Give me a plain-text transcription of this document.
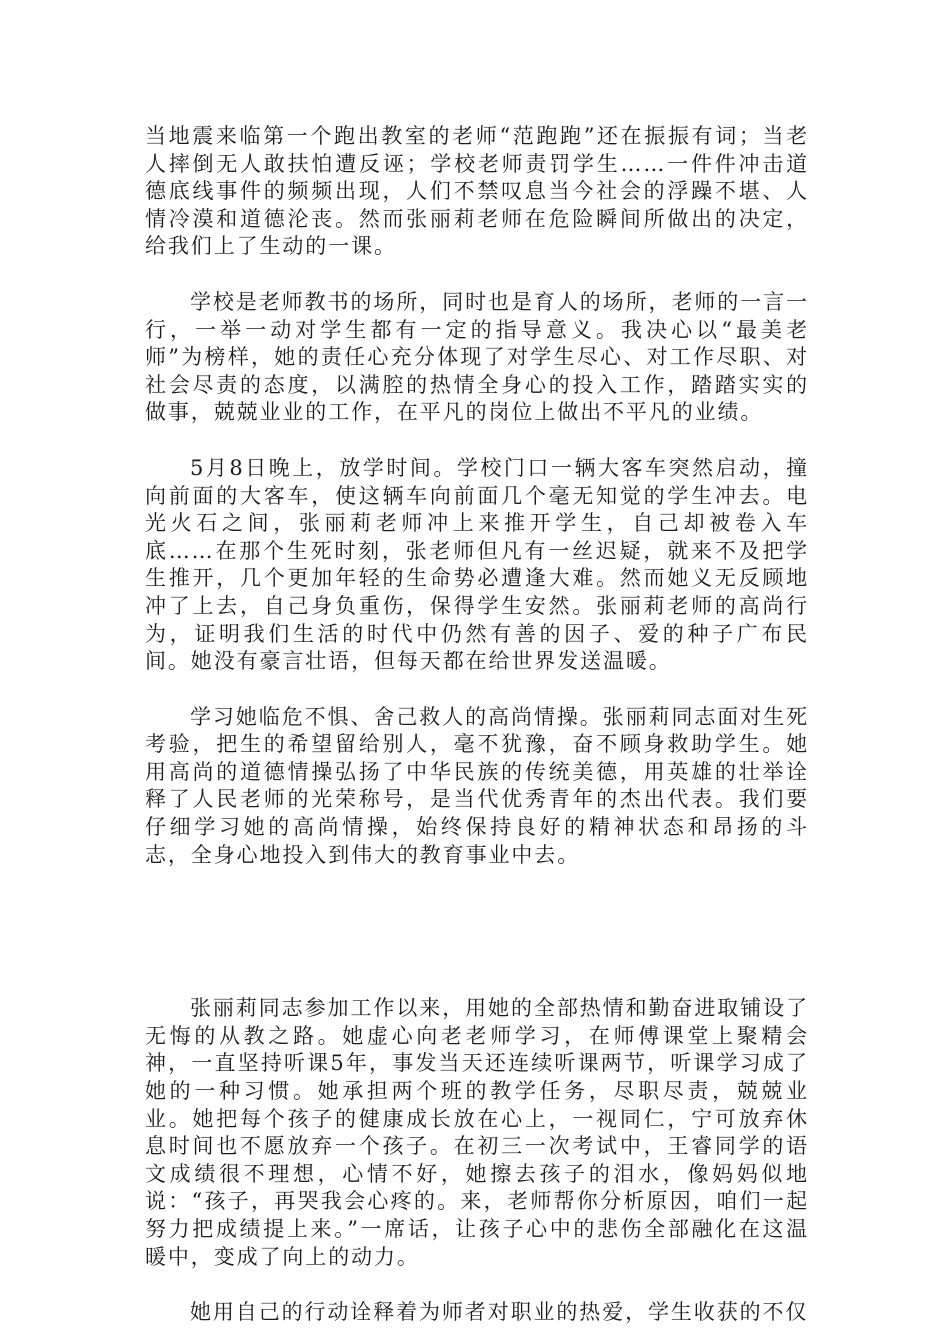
当地震来临第一个跑出教室的老师“范跑跑”还在振振有词；当老人摔倒无人敢扶怕遭反诬；学校老师责罚学生……一件件冲击道德底线事件的频频出现，人们不禁叹息当今社会的浮躁不堪、人情冷漠和道德沦丧。然而张丽莉老师在危险瞬间所做出的决定，给我们上了生动的一课。

学校是老师教书的场所，同时也是育人的场所，老师的一言一行，一举一动对学生都有一定的指导意义。我决心以“最美老师”为榜样，她的责任心充分体现了对学生尽心、对工作尽职、对社会尽责的态度，以满腔的热情全身心的投入工作，踏踏实实的做事，兢兢业业的工作，在平凡的岗位上做出不平凡的业绩。

5月8日晚上，放学时间。学校门口一辆大客车突然启动，撞向前面的大客车，使这辆车向前面几个毫无知觉的学生冲去。电光火石之间，张丽莉老师冲上来推开学生，自己却被卷入车底……在那个生死时刻，张老师但凡有一丝迟疑，就来不及把学生推开，几个更加年轻的生命势必遭逢大难。然而她义无反顾地冲了上去，自己身负重伤，保得学生安然。张丽莉老师的高尚行为，证明我们生活的时代中仍然有善的因子、爱的种子广布民间。她没有豪言壮语，但每天都在给世界发送温暖。

学习她临危不惧、舍己救人的高尚情操。张丽莉同志面对生死考验，把生的希望留给别人，毫不犹豫，奋不顾身救助学生。她用高尚的道德情操弘扬了中华民族的传统美德，用英雄的壮举诠释了人民老师的光荣称号，是当代优秀青年的杰出代表。我们要仔细学习她的高尚情操，始终保持良好的精神状态和昂扬的斗志，全身心地投入到伟大的教育事业中去。

张丽莉同志参加工作以来，用她的全部热情和勤奋进取铺设了无悔的从教之路。她虚心向老老师学习，在师傅课堂上聚精会神，一直坚持听课5年，事发当天还连续听课两节，听课学习成了她的一种习惯。她承担两个班的教学任务，尽职尽责，兢兢业业。她把每个孩子的健康成长放在心上，一视同仁，宁可放弃休息时间也不愿放弃一个孩子。在初三一次考试中，王睿同学的语文成绩很不理想，心情不好，她擦去孩子的泪水，像妈妈似地说：“孩子，再哭我会心疼的。来，老师帮你分析原因，咱们一起努力把成绩提上来。”一席话，让孩子心中的悲伤全部融化在这温暖中，变成了向上的动力。

她用自己的行动诠释着为师者对职业的热爱，学生收获的不仅
